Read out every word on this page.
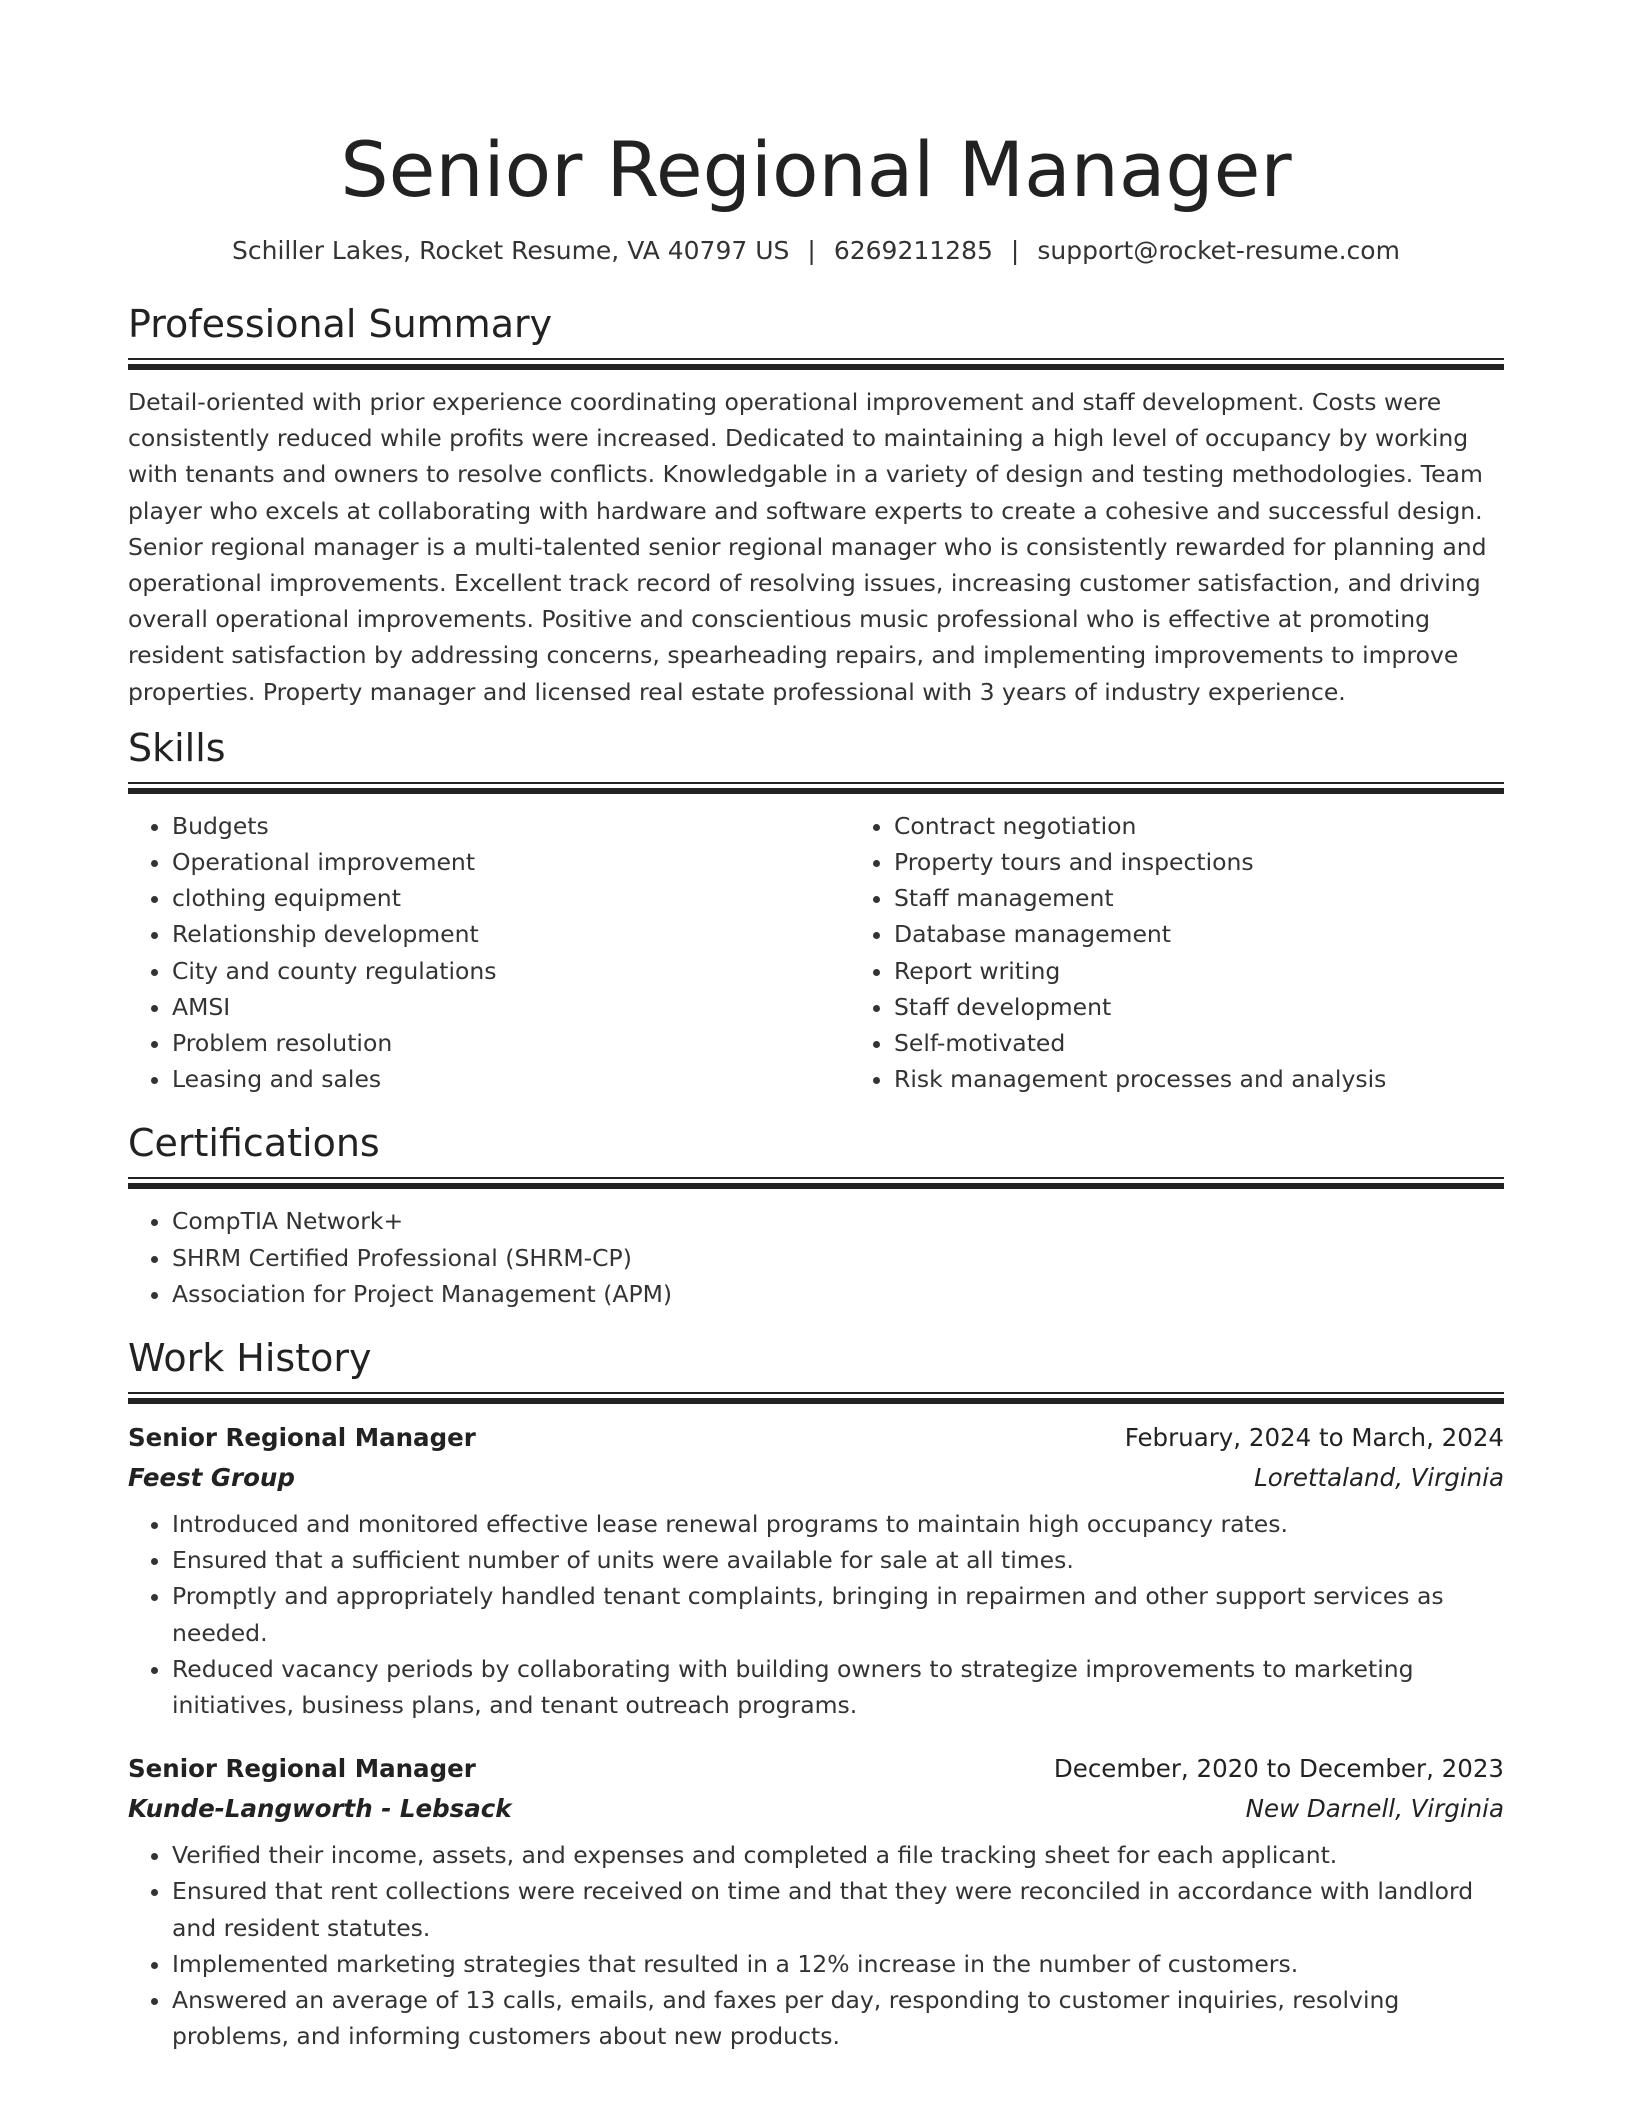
Senior Regional Manager
Schiller Lakes, Rocket Resume, VA 40797 US | 6269211285 | support@rocket-resume.com
Professional Summary

Detail-oriented with prior experience coordinating operational improvement and staff development. Costs were consistently reduced while profits were increased. Dedicated to maintaining a high level of occupancy by working with tenants and owners to resolve conflicts. Knowledgable in a variety of design and testing methodologies. Team player who excels at collaborating with hardware and software experts to create a cohesive and successful design. Senior regional manager is a multi-talented senior regional manager who is consistently rewarded for planning and operational improvements. Excellent track record of resolving issues, increasing customer satisfaction, and driving overall operational improvements. Positive and conscientious music professional who is effective at promoting resident satisfaction by addressing concerns, spearheading repairs, and implementing improvements to improve properties. Property manager and licensed real estate professional with 3 years of industry experience.

Skills
• Budgets
• Operational improvement
• clothing equipment
• Relationship development
• City and county regulations
• AMSI
• Problem resolution
• Leasing and sales
• Contract negotiation
• Property tours and inspections
• Staff management
• Database management
• Report writing
• Staff development
• Self-motivated
• Risk management processes and analysis
Certifications
• CompTIA Network+
• SHRM Certified Professional (SHRM-CP)
• Association for Project Management (APM)
Work History
Senior Regional Manager	February, 2024 to March, 2024
Feest Group	Lorettaland, Virginia
• Introduced and monitored effective lease renewal programs to maintain high occupancy rates.
• Ensured that a sufficient number of units were available for sale at all times.
• Promptly and appropriately handled tenant complaints, bringing in repairmen and other support services as needed.
• Reduced vacancy periods by collaborating with building owners to strategize improvements to marketing initiatives, business plans, and tenant outreach programs.
Senior Regional Manager	December, 2020 to December, 2023
Kunde-Langworth - Lebsack	New Darnell, Virginia
• Verified their income, assets, and expenses and completed a file tracking sheet for each applicant.
• Ensured that rent collections were received on time and that they were reconciled in accordance with landlord and resident statutes.
• Implemented marketing strategies that resulted in a 12% increase in the number of customers.
• Answered an average of 13 calls, emails, and faxes per day, responding to customer inquiries, resolving problems, and informing customers about new products.
